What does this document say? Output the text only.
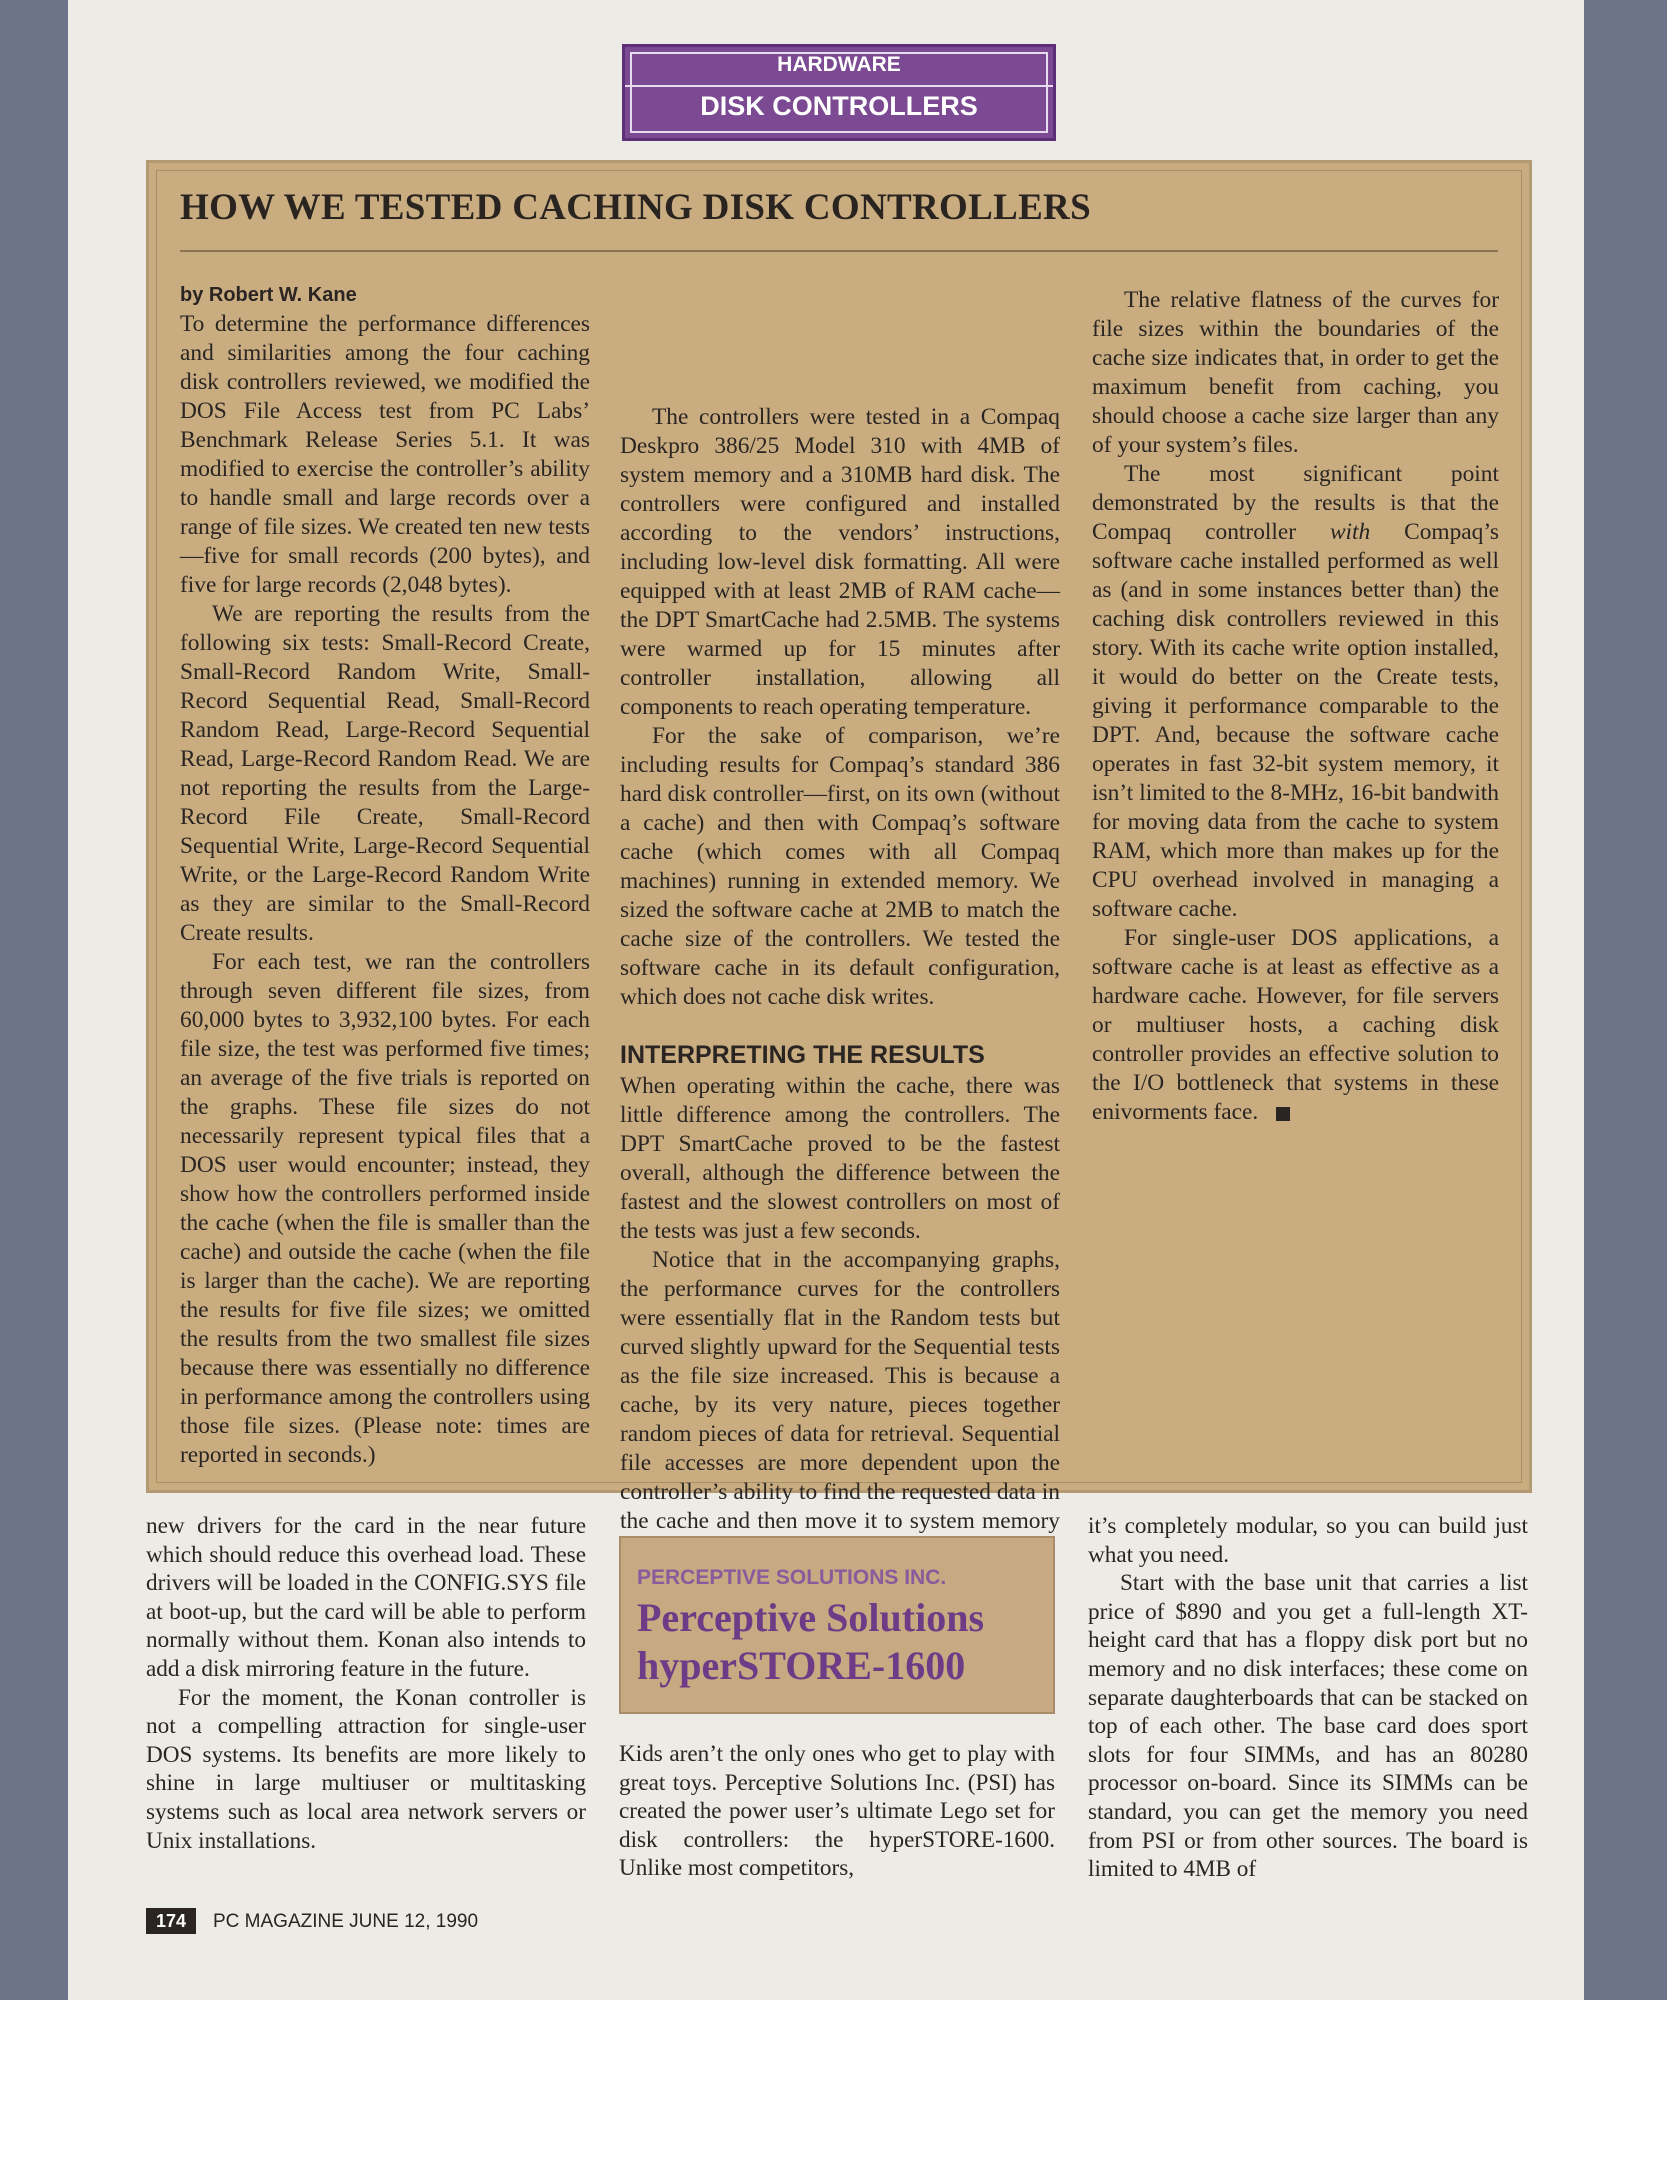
HARDWARE
DISK CONTROLLERS
HOW WE TESTED CACHING DISK CONTROLLERS
by Robert W. Kane

To determine the performance differences and similarities among the four caching disk controllers reviewed, we modified the DOS File Access test from PC Labs’ Benchmark Release Series 5.1. It was modified to exercise the controller’s ability to handle small and large records over a range of file sizes. We created ten new tests—five for small records (200 bytes), and five for large records (2,048 bytes).

We are reporting the results from the following six tests: Small-Record Create, Small-Record Random Write, Small-Record Sequential Read, Small-Record Random Read, Large-Record Sequential Read, Large-Record Random Read. We are not reporting the results from the Large-Record File Create, Small-Record Sequential Write, Large-Record Sequential Write, or the Large-Record Random Write as they are similar to the Small-Record Create results.

For each test, we ran the controllers through seven different file sizes, from 60,000 bytes to 3,932,100 bytes. For each file size, the test was performed five times; an average of the five trials is reported on the graphs. These file sizes do not necessarily represent typical files that a DOS user would encounter; instead, they show how the controllers performed inside the cache (when the file is smaller than the cache) and outside the cache (when the file is larger than the cache). We are reporting the results for five file sizes; we omitted the results from the two smallest file sizes because there was essentially no difference in performance among the controllers using those file sizes. (Please note: times are reported in seconds.)

The controllers were tested in a Compaq Deskpro 386/25 Model 310 with 4MB of system memory and a 310MB hard disk. The controllers were configured and installed according to the vendors’ instructions, including low-level disk formatting. All were equipped with at least 2MB of RAM cache—the DPT SmartCache had 2.5MB. The systems were warmed up for 15 minutes after controller installation, allowing all components to reach operating temperature.

For the sake of comparison, we’re including results for Compaq’s standard 386 hard disk controller—first, on its own (without a cache) and then with Compaq’s software cache (which comes with all Compaq machines) running in extended memory. We sized the software cache at 2MB to match the cache size of the controllers. We tested the software cache in its default configuration, which does not cache disk writes.

INTERPRETING THE RESULTS

When operating within the cache, there was little difference among the controllers. The DPT SmartCache proved to be the fastest overall, although the difference between the fastest and the slowest controllers on most of the tests was just a few seconds.

Notice that in the accompanying graphs, the performance curves for the controllers were essentially flat in the Random tests but curved slightly upward for the Sequential tests as the file size increased. This is because a cache, by its very nature, pieces together random pieces of data for retrieval. Sequential file accesses are more dependent upon the controller’s ability to find the requested data in the cache and then move it to system memory

The relative flatness of the curves for file sizes within the boundaries of the cache size indicates that, in order to get the maximum benefit from caching, you should choose a cache size larger than any of your system’s files.

The most significant point demonstrated by the results is that the Compaq controller with Compaq’s software cache installed performed as well as (and in some instances better than) the caching disk controllers reviewed in this story. With its cache write option installed, it would do better on the Create tests, giving it performance comparable to the DPT. And, because the software cache operates in fast 32-bit system memory, it isn’t limited to the 8-MHz, 16-bit bandwith for moving data from the cache to system RAM, which more than makes up for the CPU overhead involved in managing a software cache.

For single-user DOS applications, a software cache is at least as effective as a hardware cache. However, for file servers or multiuser hosts, a caching disk controller provides an effective solution to the I/O bottleneck that systems in these enivorments face.

new drivers for the card in the near future which should reduce this overhead load. These drivers will be loaded in the CONFIG.SYS file at boot-up, but the card will be able to perform normally without them. Konan also intends to add a disk mirroring feature in the future.

For the moment, the Konan controller is not a compelling attraction for single-user DOS systems. Its benefits are more likely to shine in large multiuser or multitasking systems such as local area network servers or Unix installations.

PERCEPTIVE SOLUTIONS INC.
Perceptive Solutions hyperSTORE-1600

Kids aren’t the only ones who get to play with great toys. Perceptive Solutions Inc. (PSI) has created the power user’s ultimate Lego set for disk controllers: the hyperSTORE-1600. Unlike most competitors,

it’s completely modular, so you can build just what you need.

Start with the base unit that carries a list price of $890 and you get a full-length XT-height card that has a floppy disk port but no memory and no disk interfaces; these come on separate daughterboards that can be stacked on top of each other. The base card does sport slots for four SIMMs, and has an 80280 processor on-board. Since its SIMMs can be standard, you can get the memory you need from PSI or from other sources. The board is limited to 4MB of

174	PC MAGAZINE JUNE 12, 1990
